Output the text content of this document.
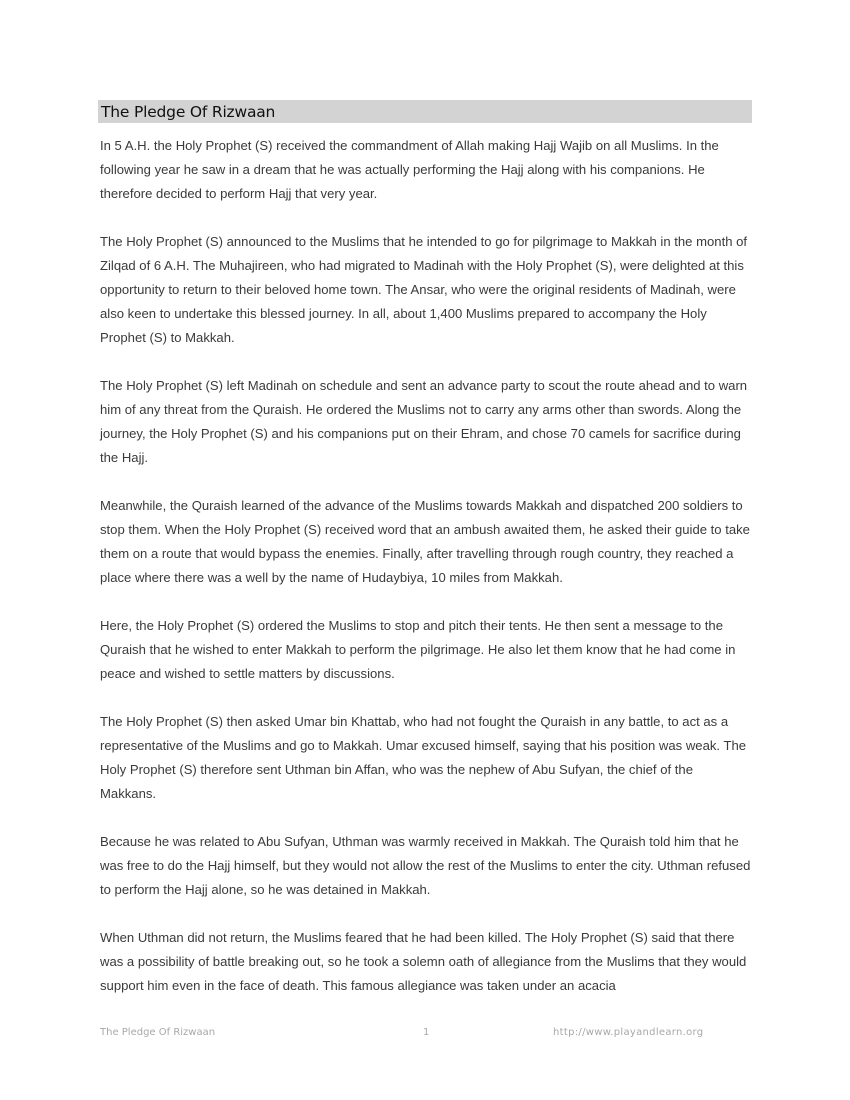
The Pledge Of Rizwaan

In 5 A.H. the Holy Prophet (S) received the commandment of Allah making Hajj Wajib on all Muslims. In the following year he saw in a dream that he was actually performing the Hajj along with his companions. He therefore decided to perform Hajj that very year.

The Holy Prophet (S) announced to the Muslims that he intended to go for pilgrimage to Makkah in the month of Zilqad of 6 A.H. The Muhajireen, who had migrated to Madinah with the Holy Prophet (S), were delighted at this opportunity to return to their beloved home town. The Ansar, who were the original residents of Madinah, were also keen to undertake this blessed journey. In all, about 1,400 Muslims prepared to accompany the Holy Prophet (S) to Makkah.

The Holy Prophet (S) left Madinah on schedule and sent an advance party to scout the route ahead and to warn him of any threat from the Quraish. He ordered the Muslims not to carry any arms other than swords. Along the journey, the Holy Prophet (S) and his companions put on their Ehram, and chose 70 camels for sacrifice during the Hajj.

Meanwhile, the Quraish learned of the advance of the Muslims towards Makkah and dispatched 200 soldiers to stop them. When the Holy Prophet (S) received word that an ambush awaited them, he asked their guide to take them on a route that would bypass the enemies. Finally, after travelling through rough country, they reached a place where there was a well by the name of Hudaybiya, 10 miles from Makkah.

Here, the Holy Prophet (S) ordered the Muslims to stop and pitch their tents. He then sent a message to the Quraish that he wished to enter Makkah to perform the pilgrimage. He also let them know that he had come in peace and wished to settle matters by discussions.

The Holy Prophet (S) then asked Umar bin Khattab, who had not fought the Quraish in any battle, to act as a representative of the Muslims and go to Makkah. Umar excused himself, saying that his position was weak. The Holy Prophet (S) therefore sent Uthman bin Affan, who was the nephew of Abu Sufyan, the chief of the Makkans.

Because he was related to Abu Sufyan, Uthman was warmly received in Makkah. The Quraish told him that he was free to do the Hajj himself, but they would not allow the rest of the Muslims to enter the city. Uthman refused to perform the Hajj alone, so he was detained in Makkah.

When Uthman did not return, the Muslims feared that he had been killed. The Holy Prophet (S) said that there was a possibility of battle breaking out, so he took a solemn oath of allegiance from the Muslims that they would support him even in the face of death. This famous allegiance was taken under an acacia

The Pledge Of Rizwaan	1	http://www.playandlearn.org
